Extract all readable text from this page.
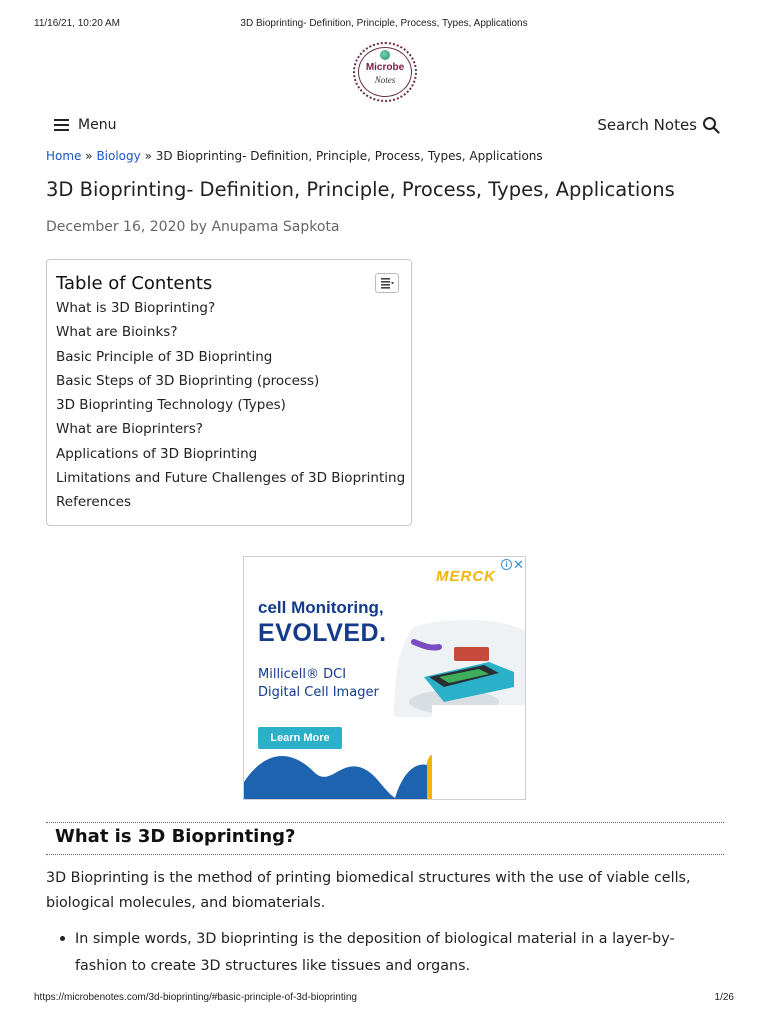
11/16/21, 10:20 AM	3D Bioprinting- Definition, Principle, Process, Types, Applications
Microbe
Notes
Menu	Search Notes
Home » Biology » 3D Bioprinting- Definition, Principle, Process, Types, Applications
3D Bioprinting- Definition, Principle, Process, Types, Applications
December 16, 2020 by Anupama Sapkota
Table of Contents
What is 3D Bioprinting?
What are Bioinks?
Basic Principle of 3D Bioprinting
Basic Steps of 3D Bioprinting (process)
3D Bioprinting Technology (Types)
What are Bioprinters?
Applications of 3D Bioprinting
Limitations and Future Challenges of 3D Bioprinting
References
i ✕
MERCK
cell Monitoring,
EVOLVED.
Millicell® DCI
Digital Cell Imager
Learn More
What is 3D Bioprinting?

3D Bioprinting is the method of printing biomedical structures with the use of viable cells, biological molecules, and biomaterials.

In simple words, 3D bioprinting is the deposition of biological material in a layer-by-fashion to create 3D structures like tissues and organs.

https://microbenotes.com/3d-bioprinting/#basic-principle-of-3d-bioprinting	1/26
